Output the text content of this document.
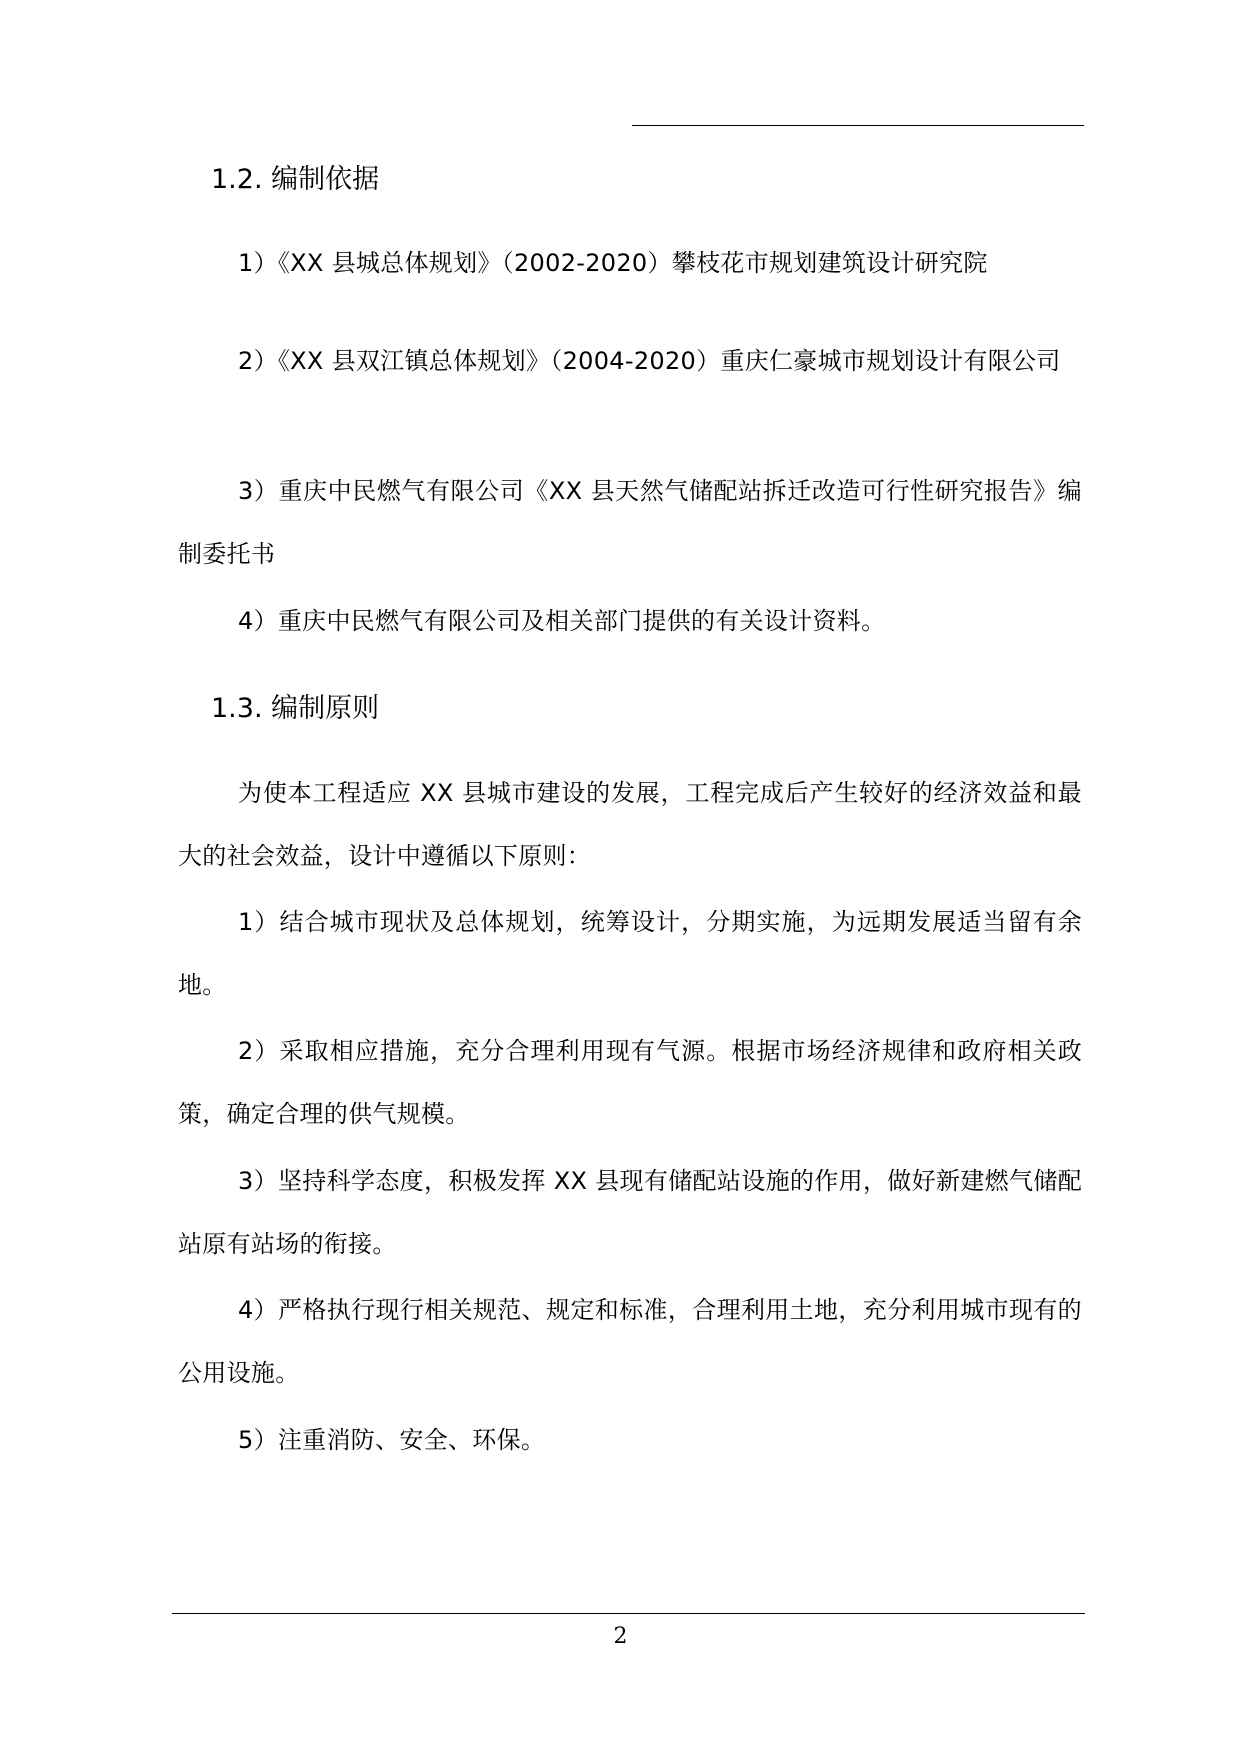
1.2. 编制依据
1）《XX 县城总体规划》（2002-2020）攀枝花市规划建筑设计研究院
2）《XX 县双江镇总体规划》（2004-2020）重庆仁豪城市规划设计有限公司
3）重庆中民燃气有限公司《XX 县天然气储配站拆迁改造可行性研究报告》编制委托书
4）重庆中民燃气有限公司及相关部门提供的有关设计资料。
1.3. 编制原则
为使本工程适应 XX 县城市建设的发展，工程完成后产生较好的经济效益和最大的社会效益，设计中遵循以下原则：
1）结合城市现状及总体规划，统筹设计，分期实施，为远期发展适当留有余地。
2）采取相应措施，充分合理利用现有气源。根据市场经济规律和政府相关政策，确定合理的供气规模。
3）坚持科学态度，积极发挥 XX 县现有储配站设施的作用，做好新建燃气储配站原有站场的衔接。
4）严格执行现行相关规范、规定和标准，合理利用土地，充分利用城市现有的公用设施。
5）注重消防、安全、环保。
2
